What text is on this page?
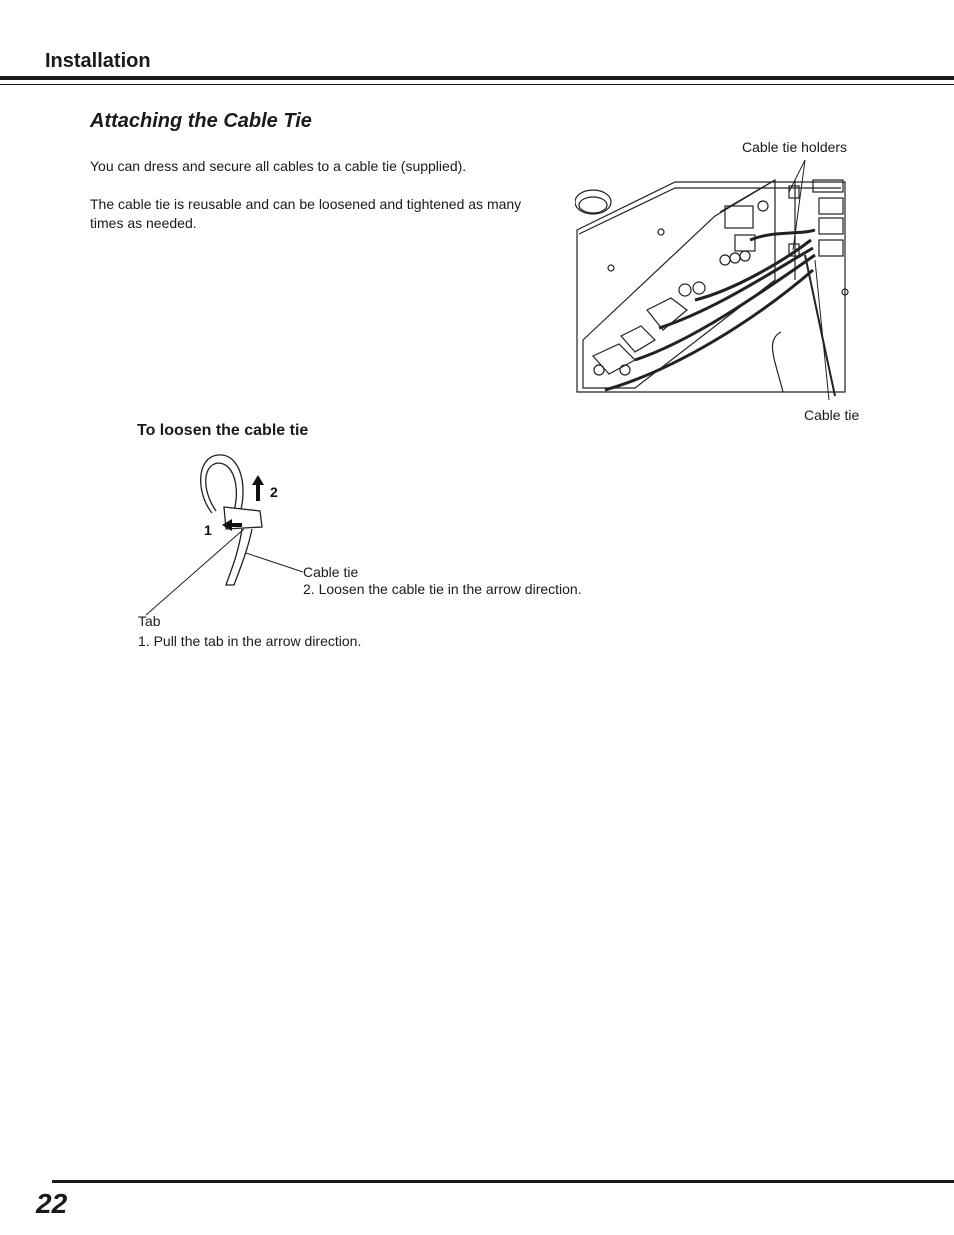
Installation
Attaching the Cable Tie
You can dress and secure all cables to a cable tie (supplied).
The cable tie is reusable and can be loosened and tightened as many times as needed.
Cable tie holders
Cable tie
To loosen the cable tie
2
1
Cable tie
2. Loosen the cable tie in the arrow direction.
Tab
1. Pull the tab in the arrow direction.
22
